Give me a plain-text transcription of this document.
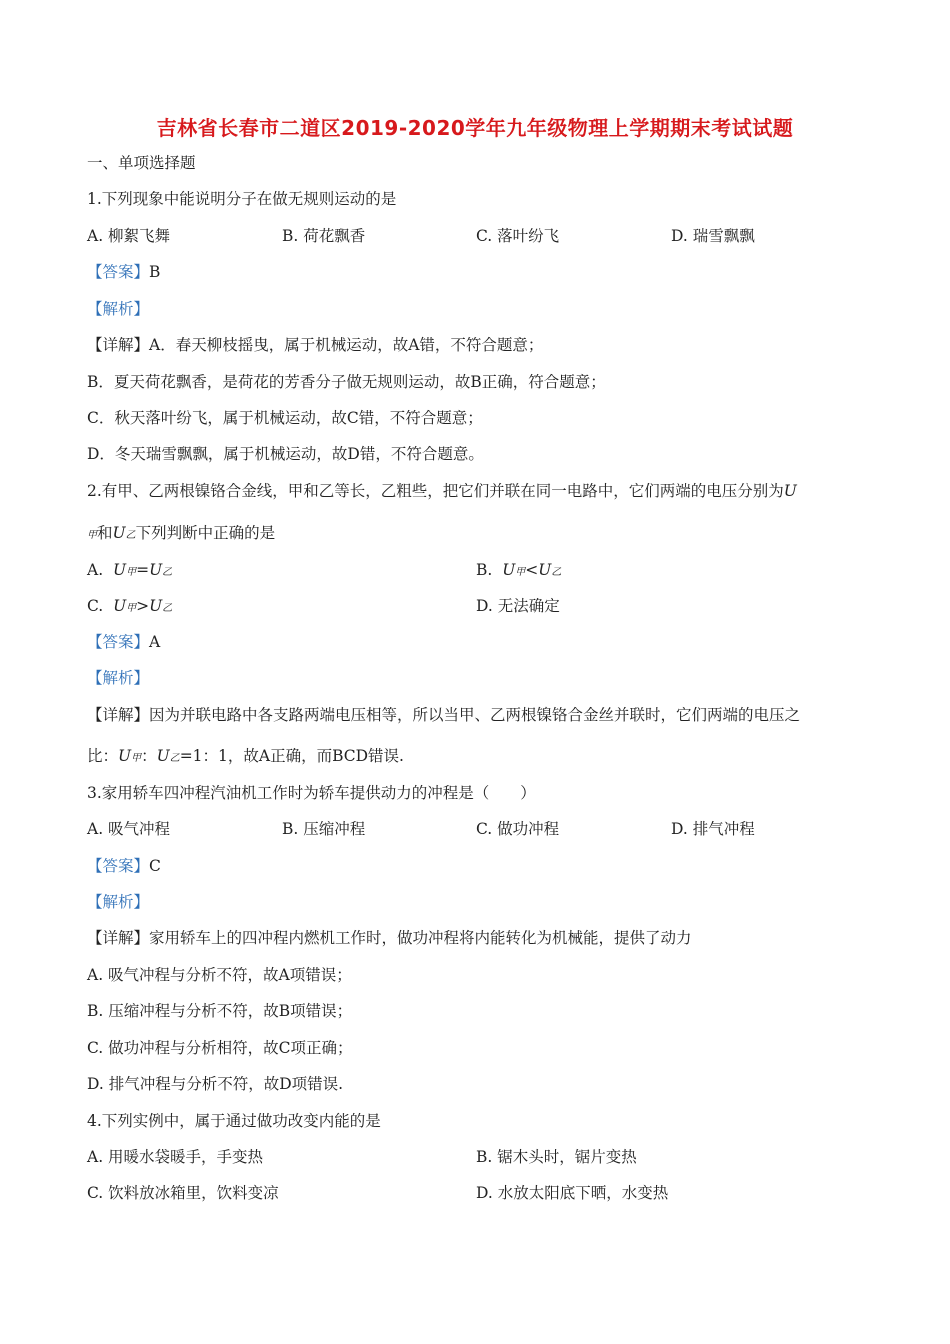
吉林省长春市二道区2019-2020学年九年级物理上学期期末考试试题
一、单项选择题
1.下列现象中能说明分子在做无规则运动的是
A. 柳絮飞舞	B. 荷花飘香	C. 落叶纷飞	D. 瑞雪飘飘
【答案】B
【解析】
【详解】A．春天柳枝摇曳，属于机械运动，故A错，不符合题意；
B．夏天荷花飘香，是荷花的芳香分子做无规则运动，故B正确，符合题意；
C．秋天落叶纷飞，属于机械运动，故C错，不符合题意；
D．冬天瑞雪飘飘，属于机械运动，故D错，不符合题意。
2.有甲、乙两根镍铬合金线，甲和乙等长，乙粗些，把它们并联在同一电路中，它们两端的电压分别为U
甲和U乙下列判断中正确的是
A. U甲=U乙	B. U甲<U乙
C. U甲>U乙	D. 无法确定
【答案】A
【解析】
【详解】因为并联电路中各支路两端电压相等，所以当甲、乙两根镍铬合金丝并联时，它们两端的电压之
比：U甲：U乙=1：1，故A正确，而BCD错误.
3.家用轿车四冲程汽油机工作时为轿车提供动力的冲程是（　　）
A. 吸气冲程	B. 压缩冲程	C. 做功冲程	D. 排气冲程
【答案】C
【解析】
【详解】家用轿车上的四冲程内燃机工作时，做功冲程将内能转化为机械能，提供了动力
A. 吸气冲程与分析不符，故A项错误；
B. 压缩冲程与分析不符，故B项错误；
C. 做功冲程与分析相符，故C项正确；
D. 排气冲程与分析不符，故D项错误.
4.下列实例中，属于通过做功改变内能的是
A. 用暖水袋暖手，手变热	B. 锯木头时，锯片变热
C. 饮料放冰箱里，饮料变凉	D. 水放太阳底下晒，水变热
